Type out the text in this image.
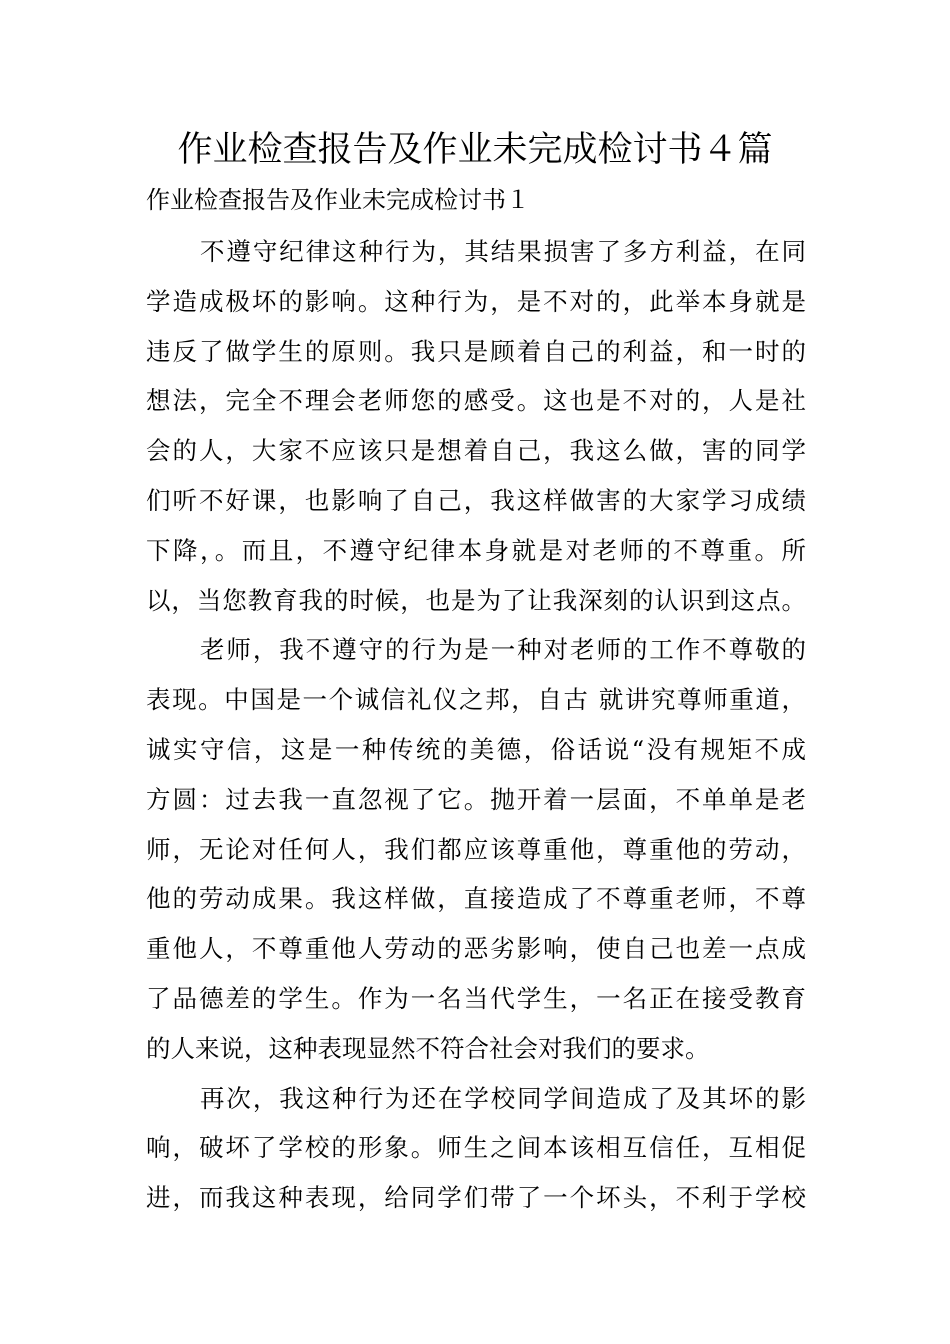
作业检查报告及作业未完成检讨书４篇
作业检查报告及作业未完成检讨书１
不遵守纪律这种行为，其结果损害了多方利益，在同
学造成极坏的影响。这种行为，是不对的，此举本身就是
违反了做学生的原则。我只是顾着自己的利益，和一时的
想法，完全不理会老师您的感受。这也是不对的，人是社
会的人，大家不应该只是想着自己，我这么做，害的同学
们听不好课，也影响了自己，我这样做害的大家学习成绩
下降，。而且，不遵守纪律本身就是对老师的不尊重。所
以，当您教育我的时候，也是为了让我深刻的认识到这点。
老师，我不遵守的行为是一种对老师的工作不尊敬的
表现。中国是一个诚信礼仪之邦，自古 就讲究尊师重道，
诚实守信，这是一种传统的美德，俗话说“没有规矩不成
方圆：过去我一直忽视了它。抛开着一层面，不单单是老
师，无论对任何人，我们都应该尊重他，尊重他的劳动，
他的劳动成果。我这样做，直接造成了不尊重老师，不尊
重他人，不尊重他人劳动的恶劣影响，使自己也差一点成
了品德差的学生。作为一名当代学生，一名正在接受教育
的人来说，这种表现显然不符合社会对我们的要求。
再次，我这种行为还在学校同学间造成了及其坏的影
响，破坏了学校的形象。师生之间本该相互信任，互相促
进，而我这种表现，给同学们带了一个坏头，不利于学校
